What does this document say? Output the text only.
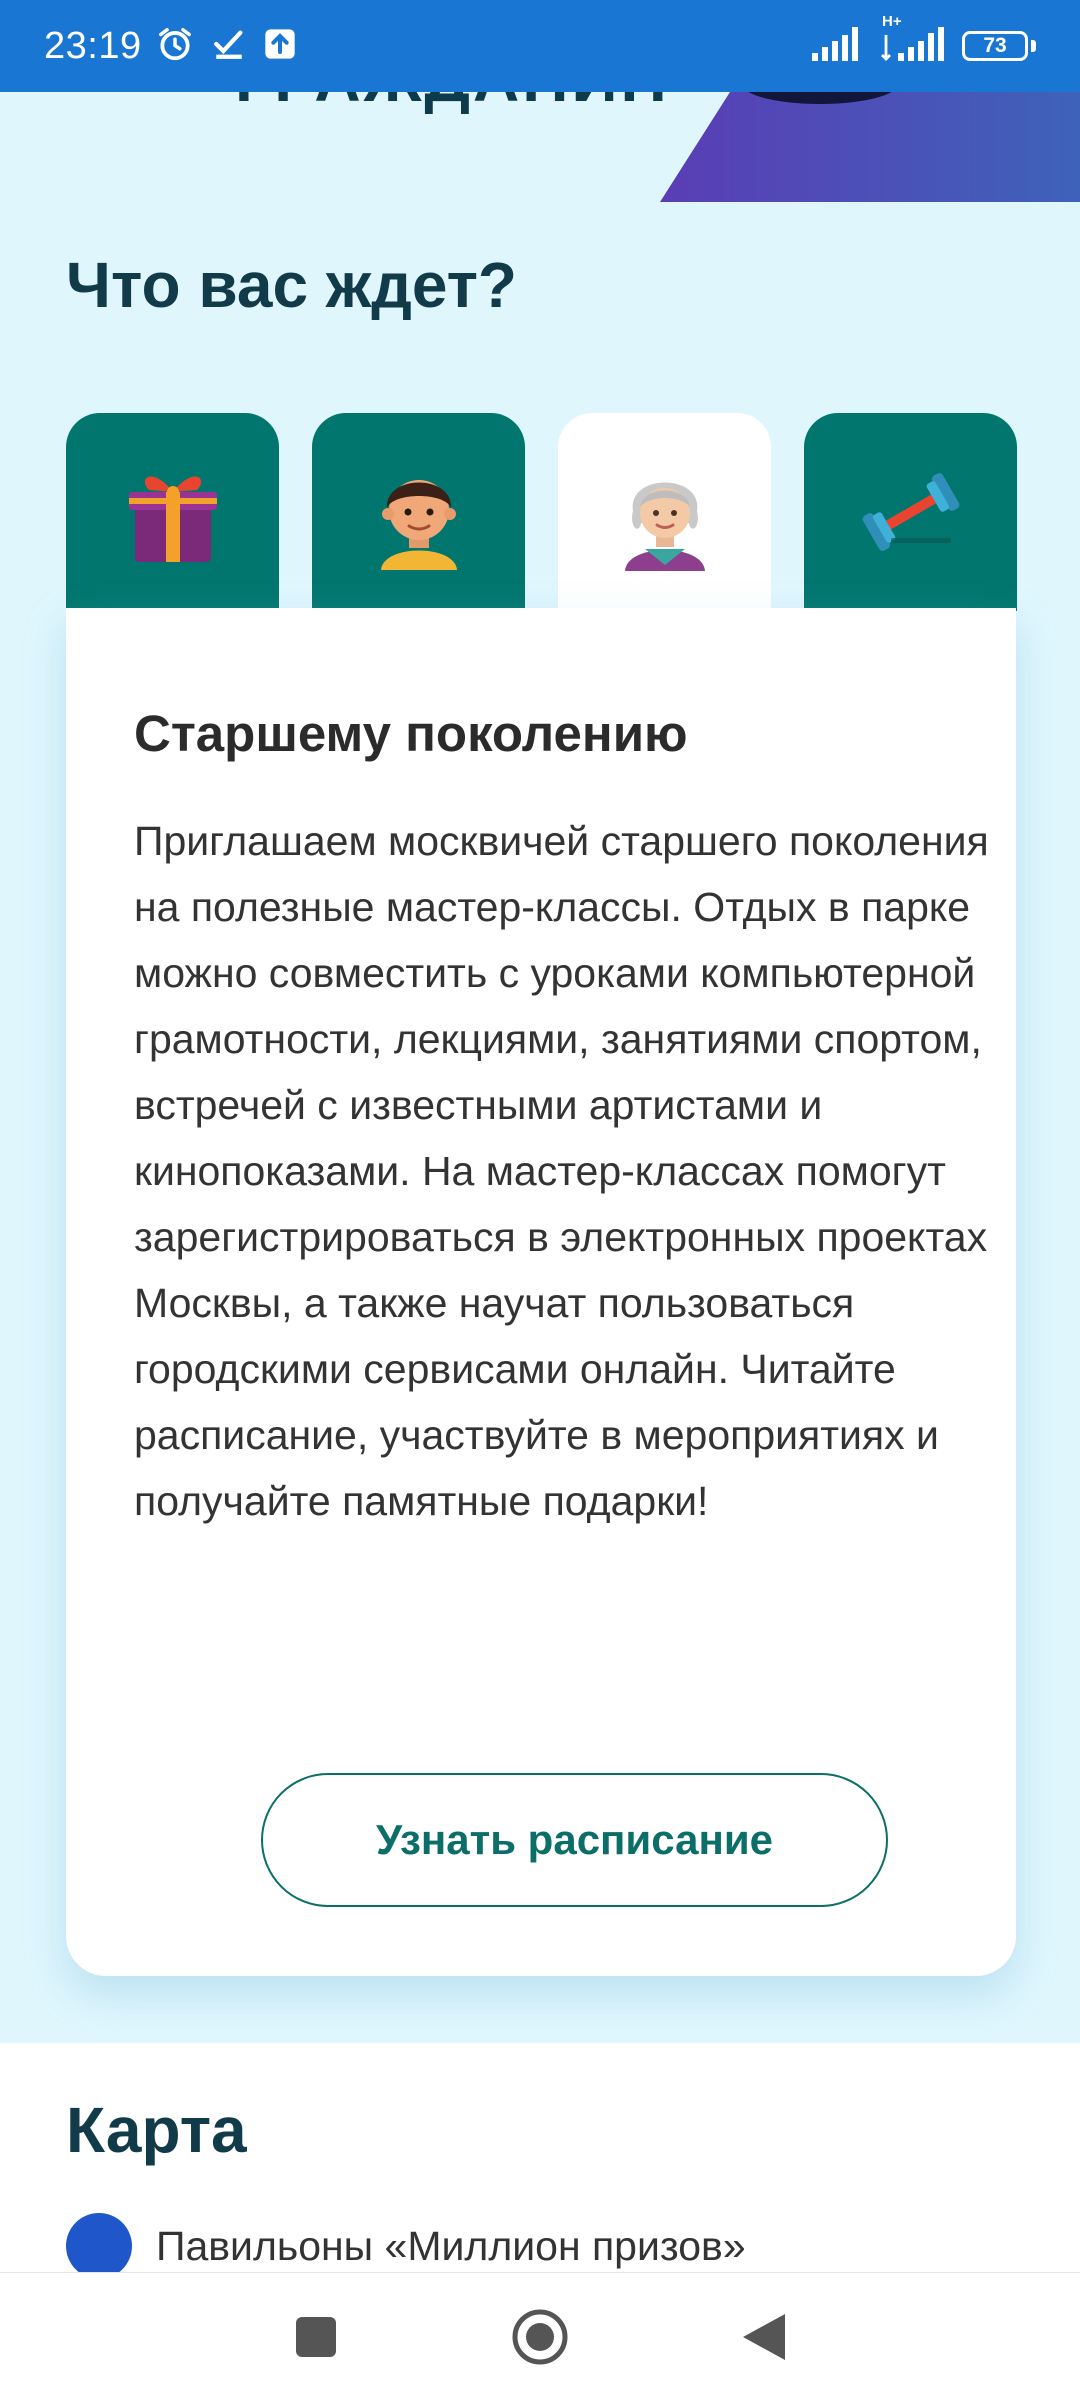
23:19
H+
73
Что вас ждет?
Старшему поколению

Приглашаем москвичей старшего поколения на полезные мастер-классы. Отдых в парке можно совместить с уроками компьютерной грамотности, лекциями, занятиями спортом, встречей с известными артистами и кинопоказами. На мастер-классах помогут зарегистрироваться в электронных проектах Москвы, а также научат пользоваться городскими сервисами онлайн. Читайте расписание, участвуйте в мероприятиях и получайте памятные подарки!

Узнать расписание
Карта
Павильоны «Миллион призов»
